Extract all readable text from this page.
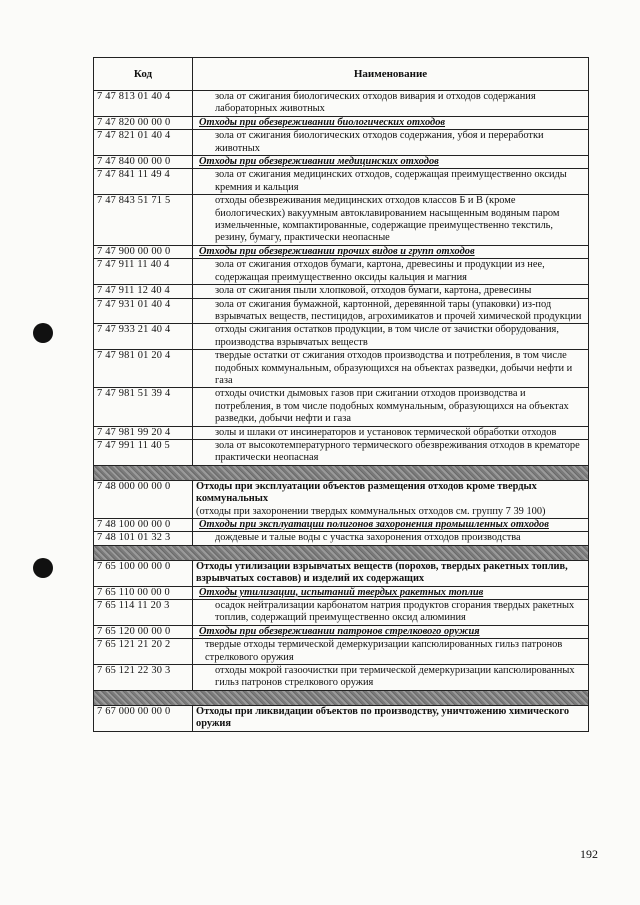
Код	Наименование
7 47 813 01 40 4	зола от сжигания биологических отходов вивария и отходов содержания лабораторных животных
7 47 820 00 00 0	Отходы при обезвреживании биологических отходов
7 47 821 01 40 4	зола от сжигания биологических отходов содержания, убоя и переработки животных
7 47 840 00 00 0	Отходы при обезвреживании медицинских отходов
7 47 841 11 49 4	зола от сжигания медицинских отходов, содержащая преимущественно оксиды кремния и кальция
7 47 843 51 71 5	отходы обезвреживания медицинских отходов классов Б и В (кроме биологических) вакуумным автоклавированием насыщенным водяным паром измельченные, компактированные, содержащие преимущественно текстиль, резину, бумагу, практически неопасные
7 47 900 00 00 0	Отходы при обезвреживании прочих видов и групп отходов
7 47 911 11 40 4	зола от сжигания отходов бумаги, картона, древесины и продукции из нее, содержащая преимущественно оксиды кальция и магния
7 47 911 12 40 4	зола от сжигания пыли хлопковой, отходов бумаги, картона, древесины
7 47 931 01 40 4	зола от сжигания бумажной, картонной, деревянной тары (упаковки) из-под взрывчатых веществ, пестицидов, агрохимикатов и прочей химической продукции
7 47 933 21 40 4	отходы сжигания остатков продукции, в том числе от зачистки оборудования, производства взрывчатых веществ
7 47 981 01 20 4	твердые остатки от сжигания отходов производства и потребления, в том числе подобных коммунальным, образующихся на объектах разведки, добычи нефти и газа
7 47 981 51 39 4	отходы очистки дымовых газов при сжигании отходов производства и потребления, в том числе подобных коммунальным, образующихся на объектах разведки, добычи нефти и газа
7 47 981 99 20 4	золы и шлаки от инсинераторов и установок термической обработки отходов
7 47 991 11 40 5	зола от высокотемпературного термического обезвреживания отходов в крематоре практически неопасная

7 48 000 00 00 0	Отходы при эксплуатации объектов размещения отходов кроме твердых коммунальных
(отходы при захоронении твердых коммунальных отходов см. группу 7 39 100)

7 48 100 00 00 0	Отходы при эксплуатации полигонов захоронения промышленных отходов
7 48 101 01 32 3	дождевые и талые воды с участка захоронения отходов производства

7 65 100 00 00 0	Отходы утилизации взрывчатых веществ (порохов, твердых ракетных топлив, взрывчатых составов) и изделий их содержащих
7 65 110 00 00 0	Отходы утилизации, испытаний твердых ракетных топлив
7 65 114 11 20 3	осадок нейтрализации карбонатом натрия продуктов сгорания твердых ракетных топлив, содержащий преимущественно оксид алюминия
7 65 120 00 00 0	Отходы при обезвреживании патронов стрелкового оружия
7 65 121 21 20 2	твердые отходы термической демеркуризации капсюлированных гильз патронов стрелкового оружия
7 65 121 22 30 3	отходы мокрой газоочистки при термической демеркуризации капсюлированных гильз патронов стрелкового оружия

7 67 000 00 00 0	Отходы при ликвидации объектов по производству, уничтожению химического оружия
192
